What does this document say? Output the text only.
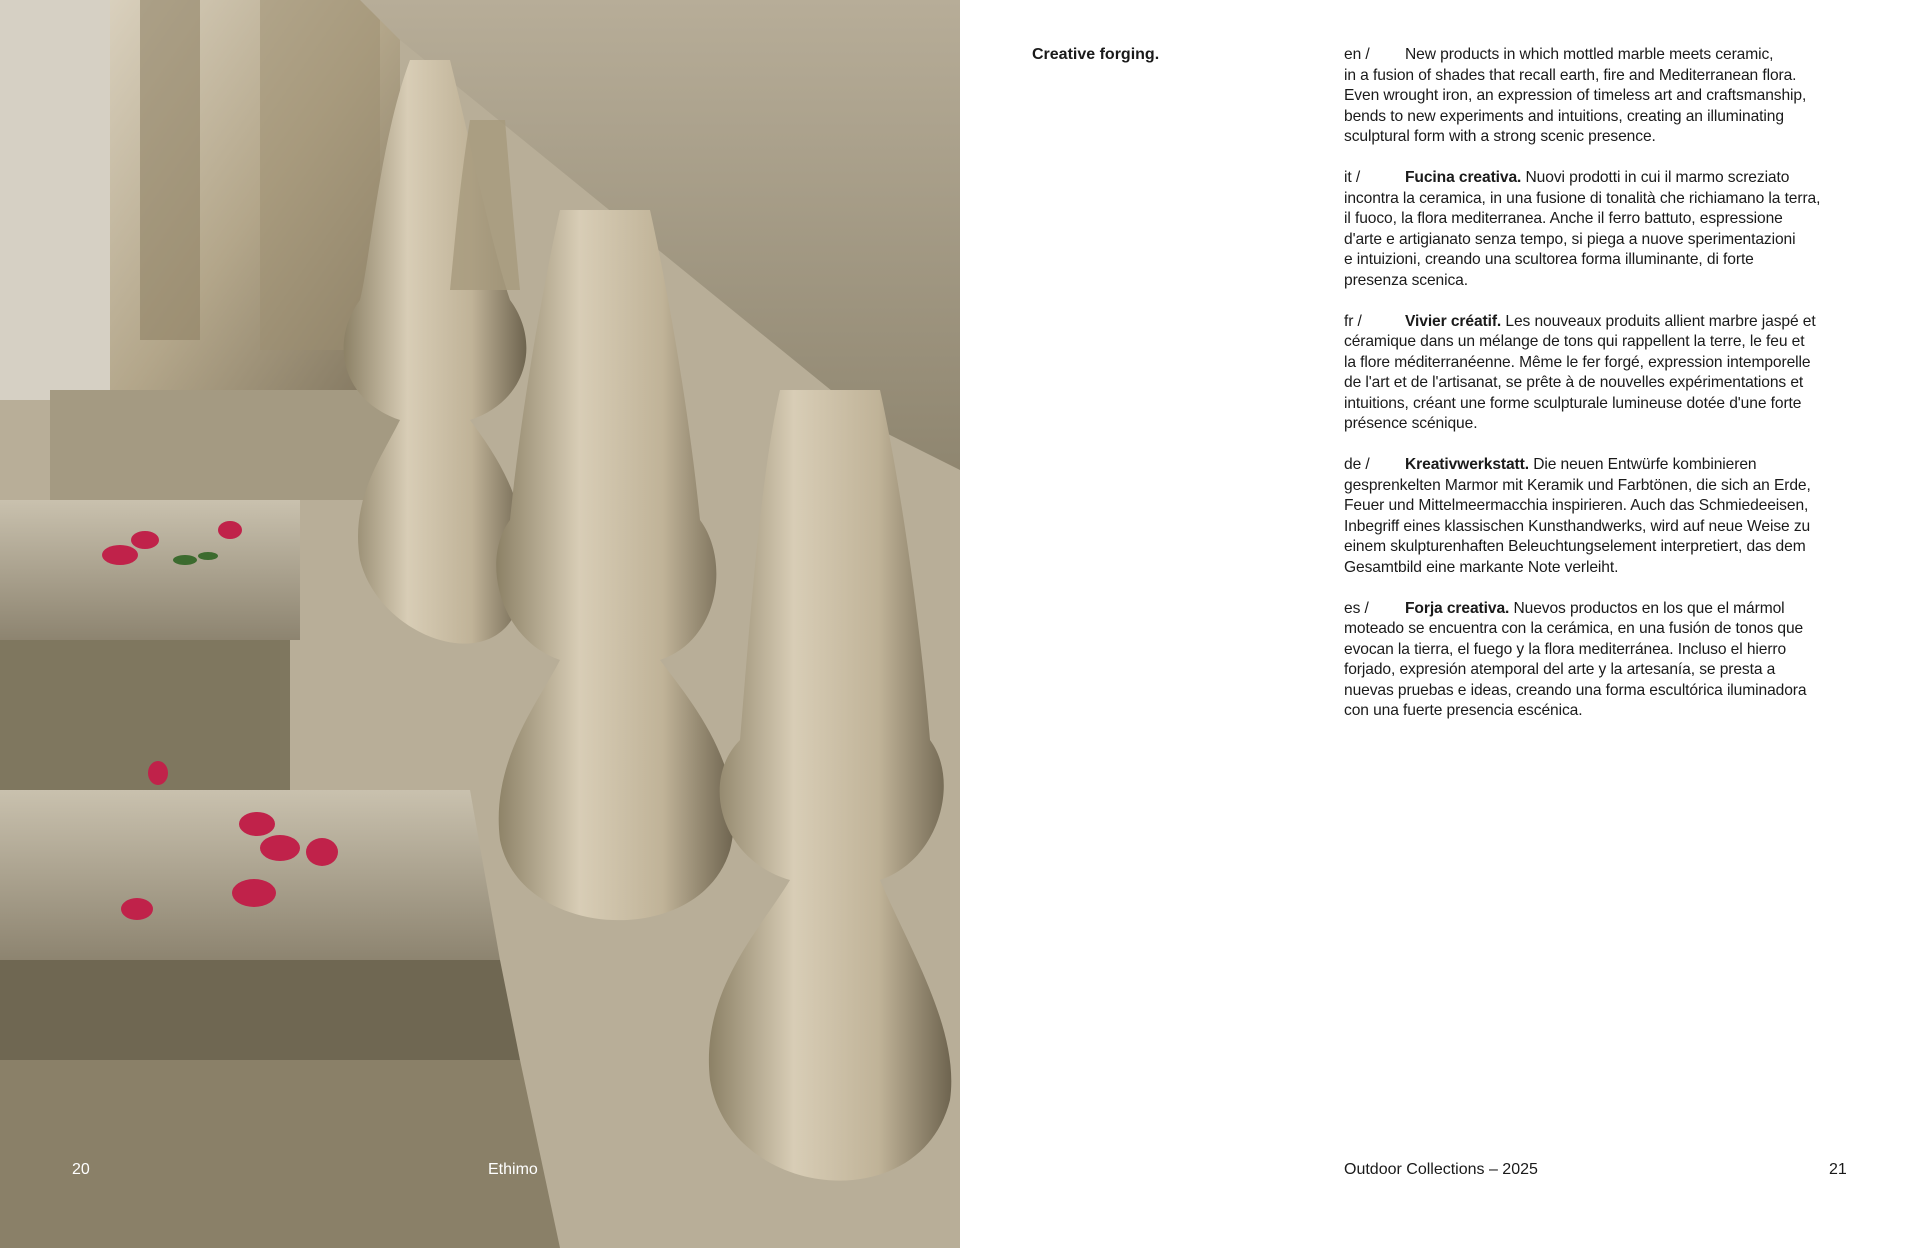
20	Ethimo
Creative forging.	en / New products in which mottled marble meets ceramic,
in a fusion of shades that recall earth, fire and Mediterranean flora.
Even wrought iron, an expression of timeless art and craftsmanship,
bends to new experiments and intuitions, creating an illuminating
sculptural form with a strong scenic presence.

it /	Fucina creativa. Nuovi prodotti in cui il marmo screziato
incontra la ceramica, in una fusione di tonalità che richiamano la terra,
il fuoco, la flora mediterranea. Anche il ferro battuto, espressione
d'arte e artigianato senza tempo, si piega a nuove sperimentazioni
e intuizioni, creando una scultorea forma illuminante, di forte
presenza scenica.

fr /	Vivier créatif. Les nouveaux produits allient marbre jaspé et
céramique dans un mélange de tons qui rappellent la terre, le feu et
la flore méditerranéenne. Même le fer forgé, expression intemporelle
de l'art et de l'artisanat, se prête à de nouvelles expérimentations et
intuitions, créant une forme sculpturale lumineuse dotée d'une forte
présence scénique.

de / Kreativwerkstatt. Die neuen Entwürfe kombinieren
gesprenkelten Marmor mit Keramik und Farbtönen, die sich an Erde,
Feuer und Mittelmeermacchia inspirieren. Auch das Schmiedeeisen,
Inbegriff eines klassischen Kunsthandwerks, wird auf neue Weise zu
einem skulpturenhaften Beleuchtungselement interpretiert, das dem
Gesamtbild eine markante Note verleiht.

es / Forja creativa. Nuevos productos en los que el mármol
moteado se encuentra con la cerámica, en una fusión de tonos que
evocan la tierra, el fuego y la flora mediterránea. Incluso el hierro
forjado, expresión atemporal del arte y la artesanía, se presta a
nuevas pruebas e ideas, creando una forma escultórica iluminadora
con una fuerte presencia escénica.

Outdoor Collections – 2025	21
